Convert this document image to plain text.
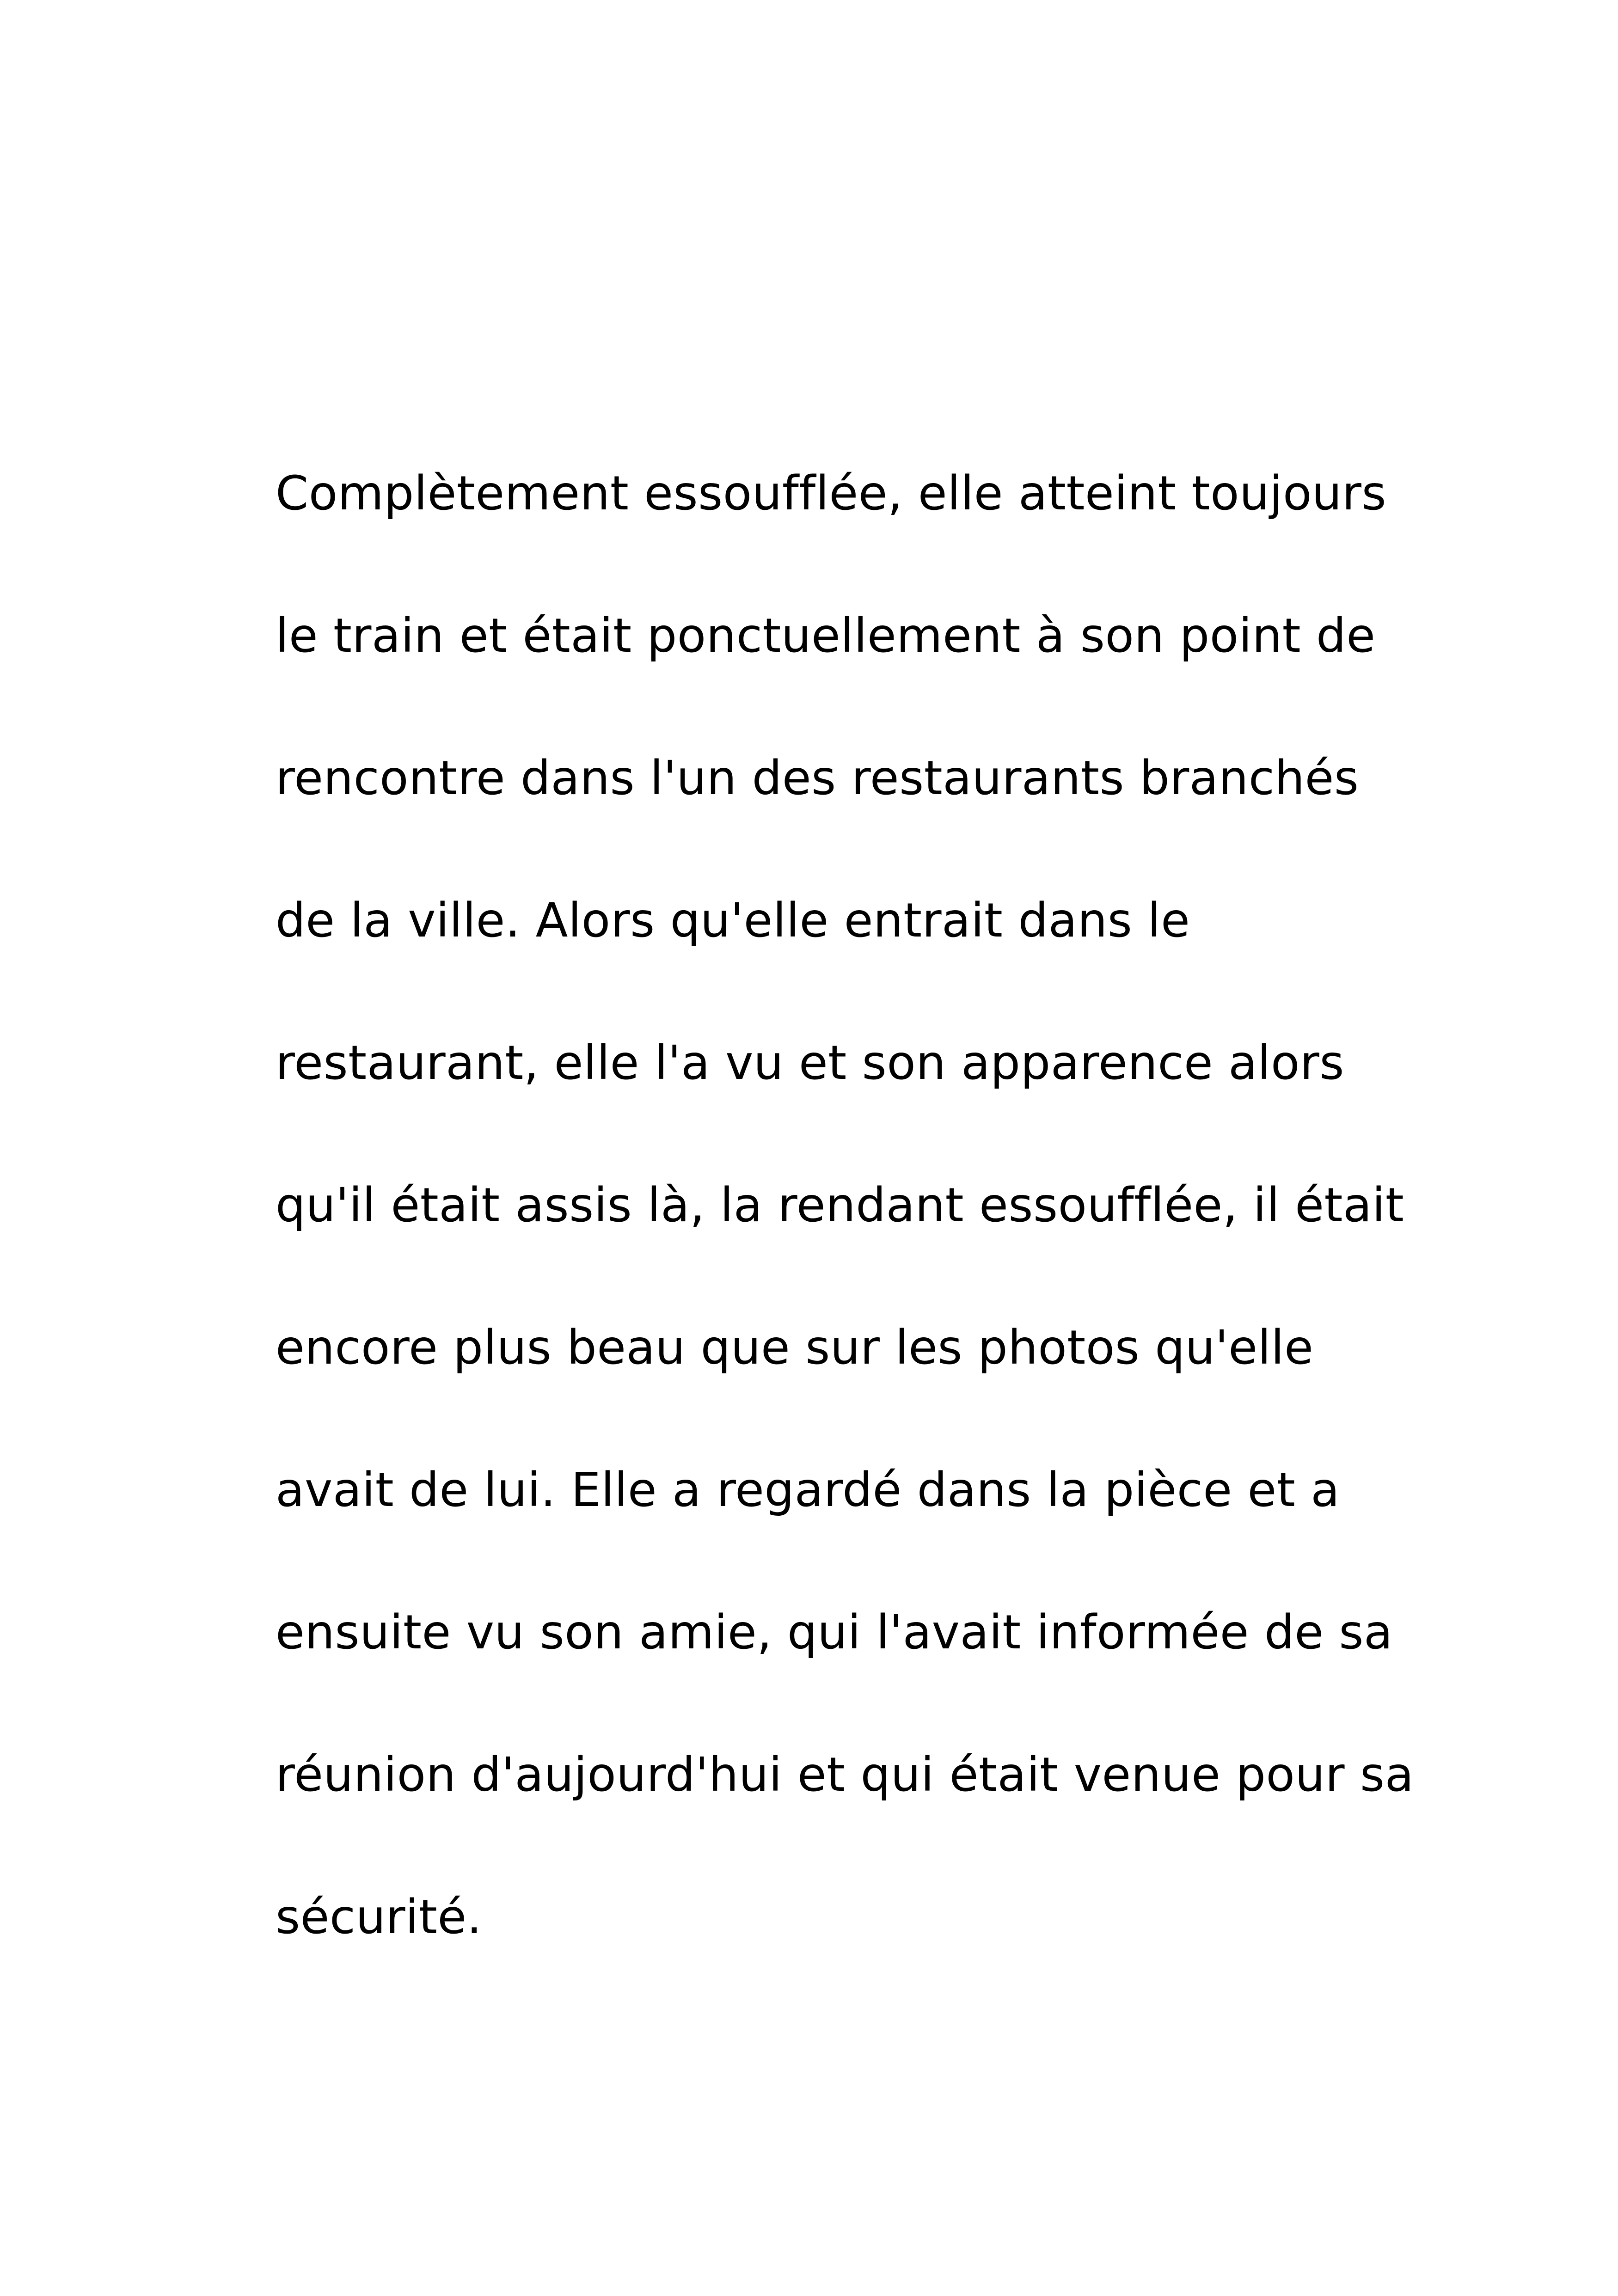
Complètement essoufflée, elle atteint toujours
le train et était ponctuellement à son point de
rencontre dans l'un des restaurants branchés
de la ville. Alors qu'elle entrait dans le
restaurant, elle l'a vu et son apparence alors
qu'il était assis là, la rendant essoufflée, il était
encore plus beau que sur les photos qu'elle
avait de lui. Elle a regardé dans la pièce et a
ensuite vu son amie, qui l'avait informée de sa
réunion d'aujourd'hui et qui était venue pour sa
sécurité.
